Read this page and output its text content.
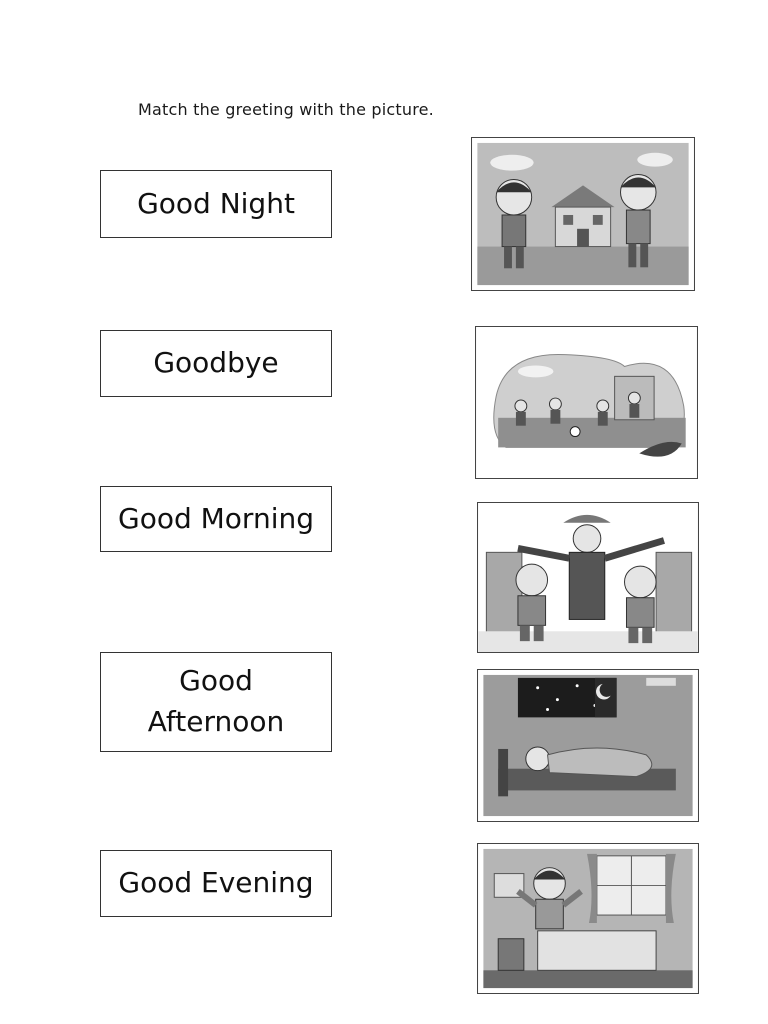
Match the greeting with the picture.
Good Night
Goodbye
Good Morning
Good
Afternoon
Good Evening
